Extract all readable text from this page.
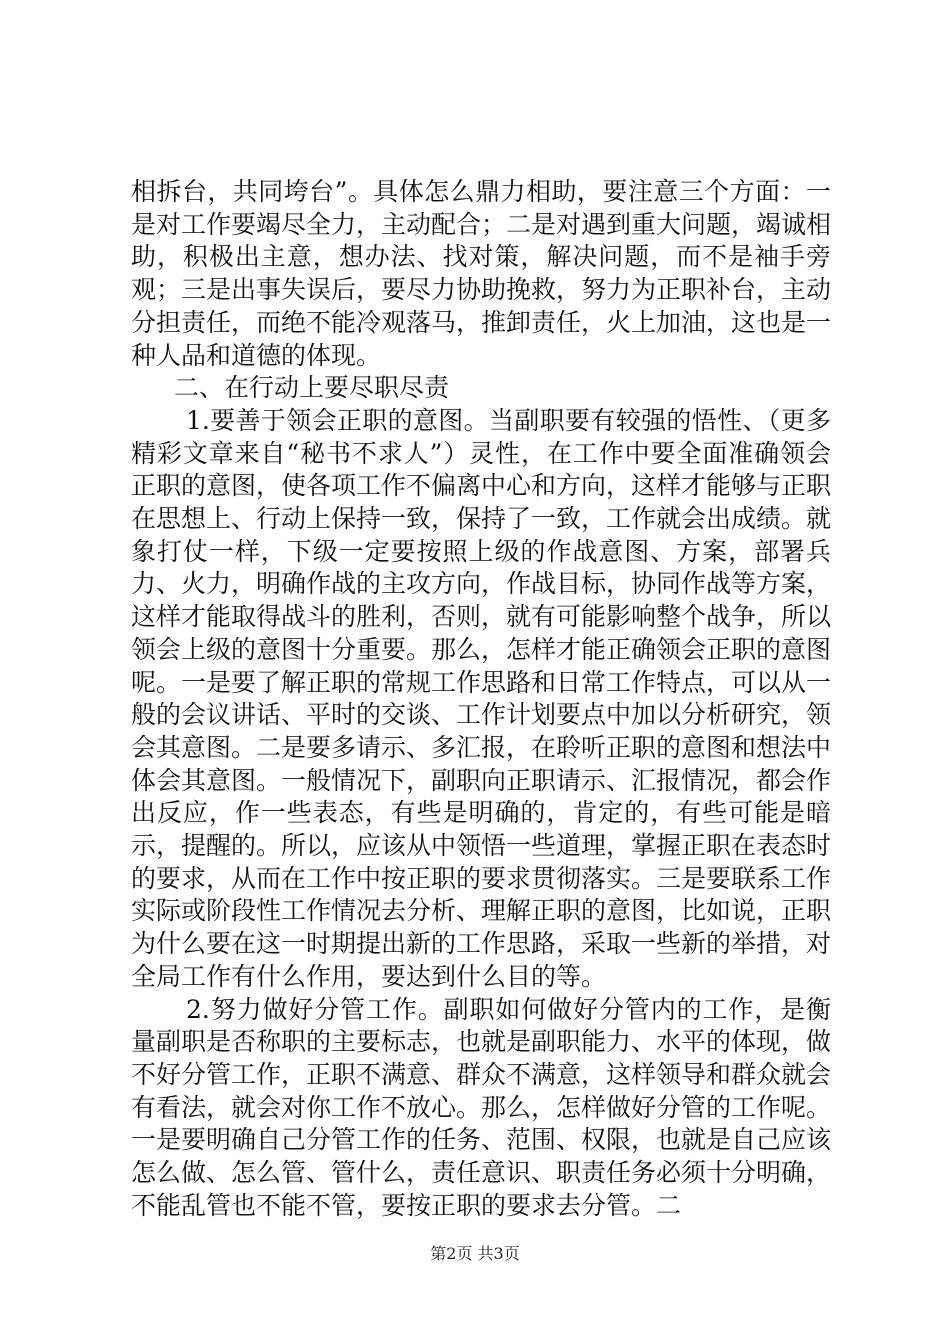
相拆台，共同垮台”。具体怎么鼎力相助，要注意三个方面：一是对工作要竭尽全力，主动配合；二是对遇到重大问题，竭诚相助，积极出主意，想办法、找对策，解决问题，而不是袖手旁观；三是出事失误后，要尽力协助挽救，努力为正职补台，主动分担责任，而绝不能冷观落马，推卸责任，火上加油，这也是一种人品和道德的体现。

二、在行动上要尽职尽责

1.要善于领会正职的意图。当副职要有较强的悟性、（更多精彩文章来自“秘书不求人”）灵性，在工作中要全面准确领会正职的意图，使各项工作不偏离中心和方向，这样才能够与正职在思想上、行动上保持一致，保持了一致，工作就会出成绩。就象打仗一样，下级一定要按照上级的作战意图、方案，部署兵力、火力，明确作战的主攻方向，作战目标，协同作战等方案，这样才能取得战斗的胜利，否则，就有可能影响整个战争，所以领会上级的意图十分重要。那么，怎样才能正确领会正职的意图呢。一是要了解正职的常规工作思路和日常工作特点，可以从一般的会议讲话、平时的交谈、工作计划要点中加以分析研究，领会其意图。二是要多请示、多汇报，在聆听正职的意图和想法中体会其意图。一般情况下，副职向正职请示、汇报情况，都会作出反应，作一些表态，有些是明确的，肯定的，有些可能是暗示，提醒的。所以，应该从中领悟一些道理，掌握正职在表态时的要求，从而在工作中按正职的要求贯彻落实。三是要联系工作实际或阶段性工作情况去分析、理解正职的意图，比如说，正职为什么要在这一时期提出新的工作思路，采取一些新的举措，对全局工作有什么作用，要达到什么目的等。

2.努力做好分管工作。副职如何做好分管内的工作，是衡量副职是否称职的主要标志，也就是副职能力、水平的体现，做不好分管工作，正职不满意、群众不满意，这样领导和群众就会有看法，就会对你工作不放心。那么，怎样做好分管的工作呢。一是要明确自己分管工作的任务、范围、权限，也就是自己应该怎么做、怎么管、管什么，责任意识、职责任务必须十分明确，不能乱管也不能不管，要按正职的要求去分管。二

第2页 共3页
